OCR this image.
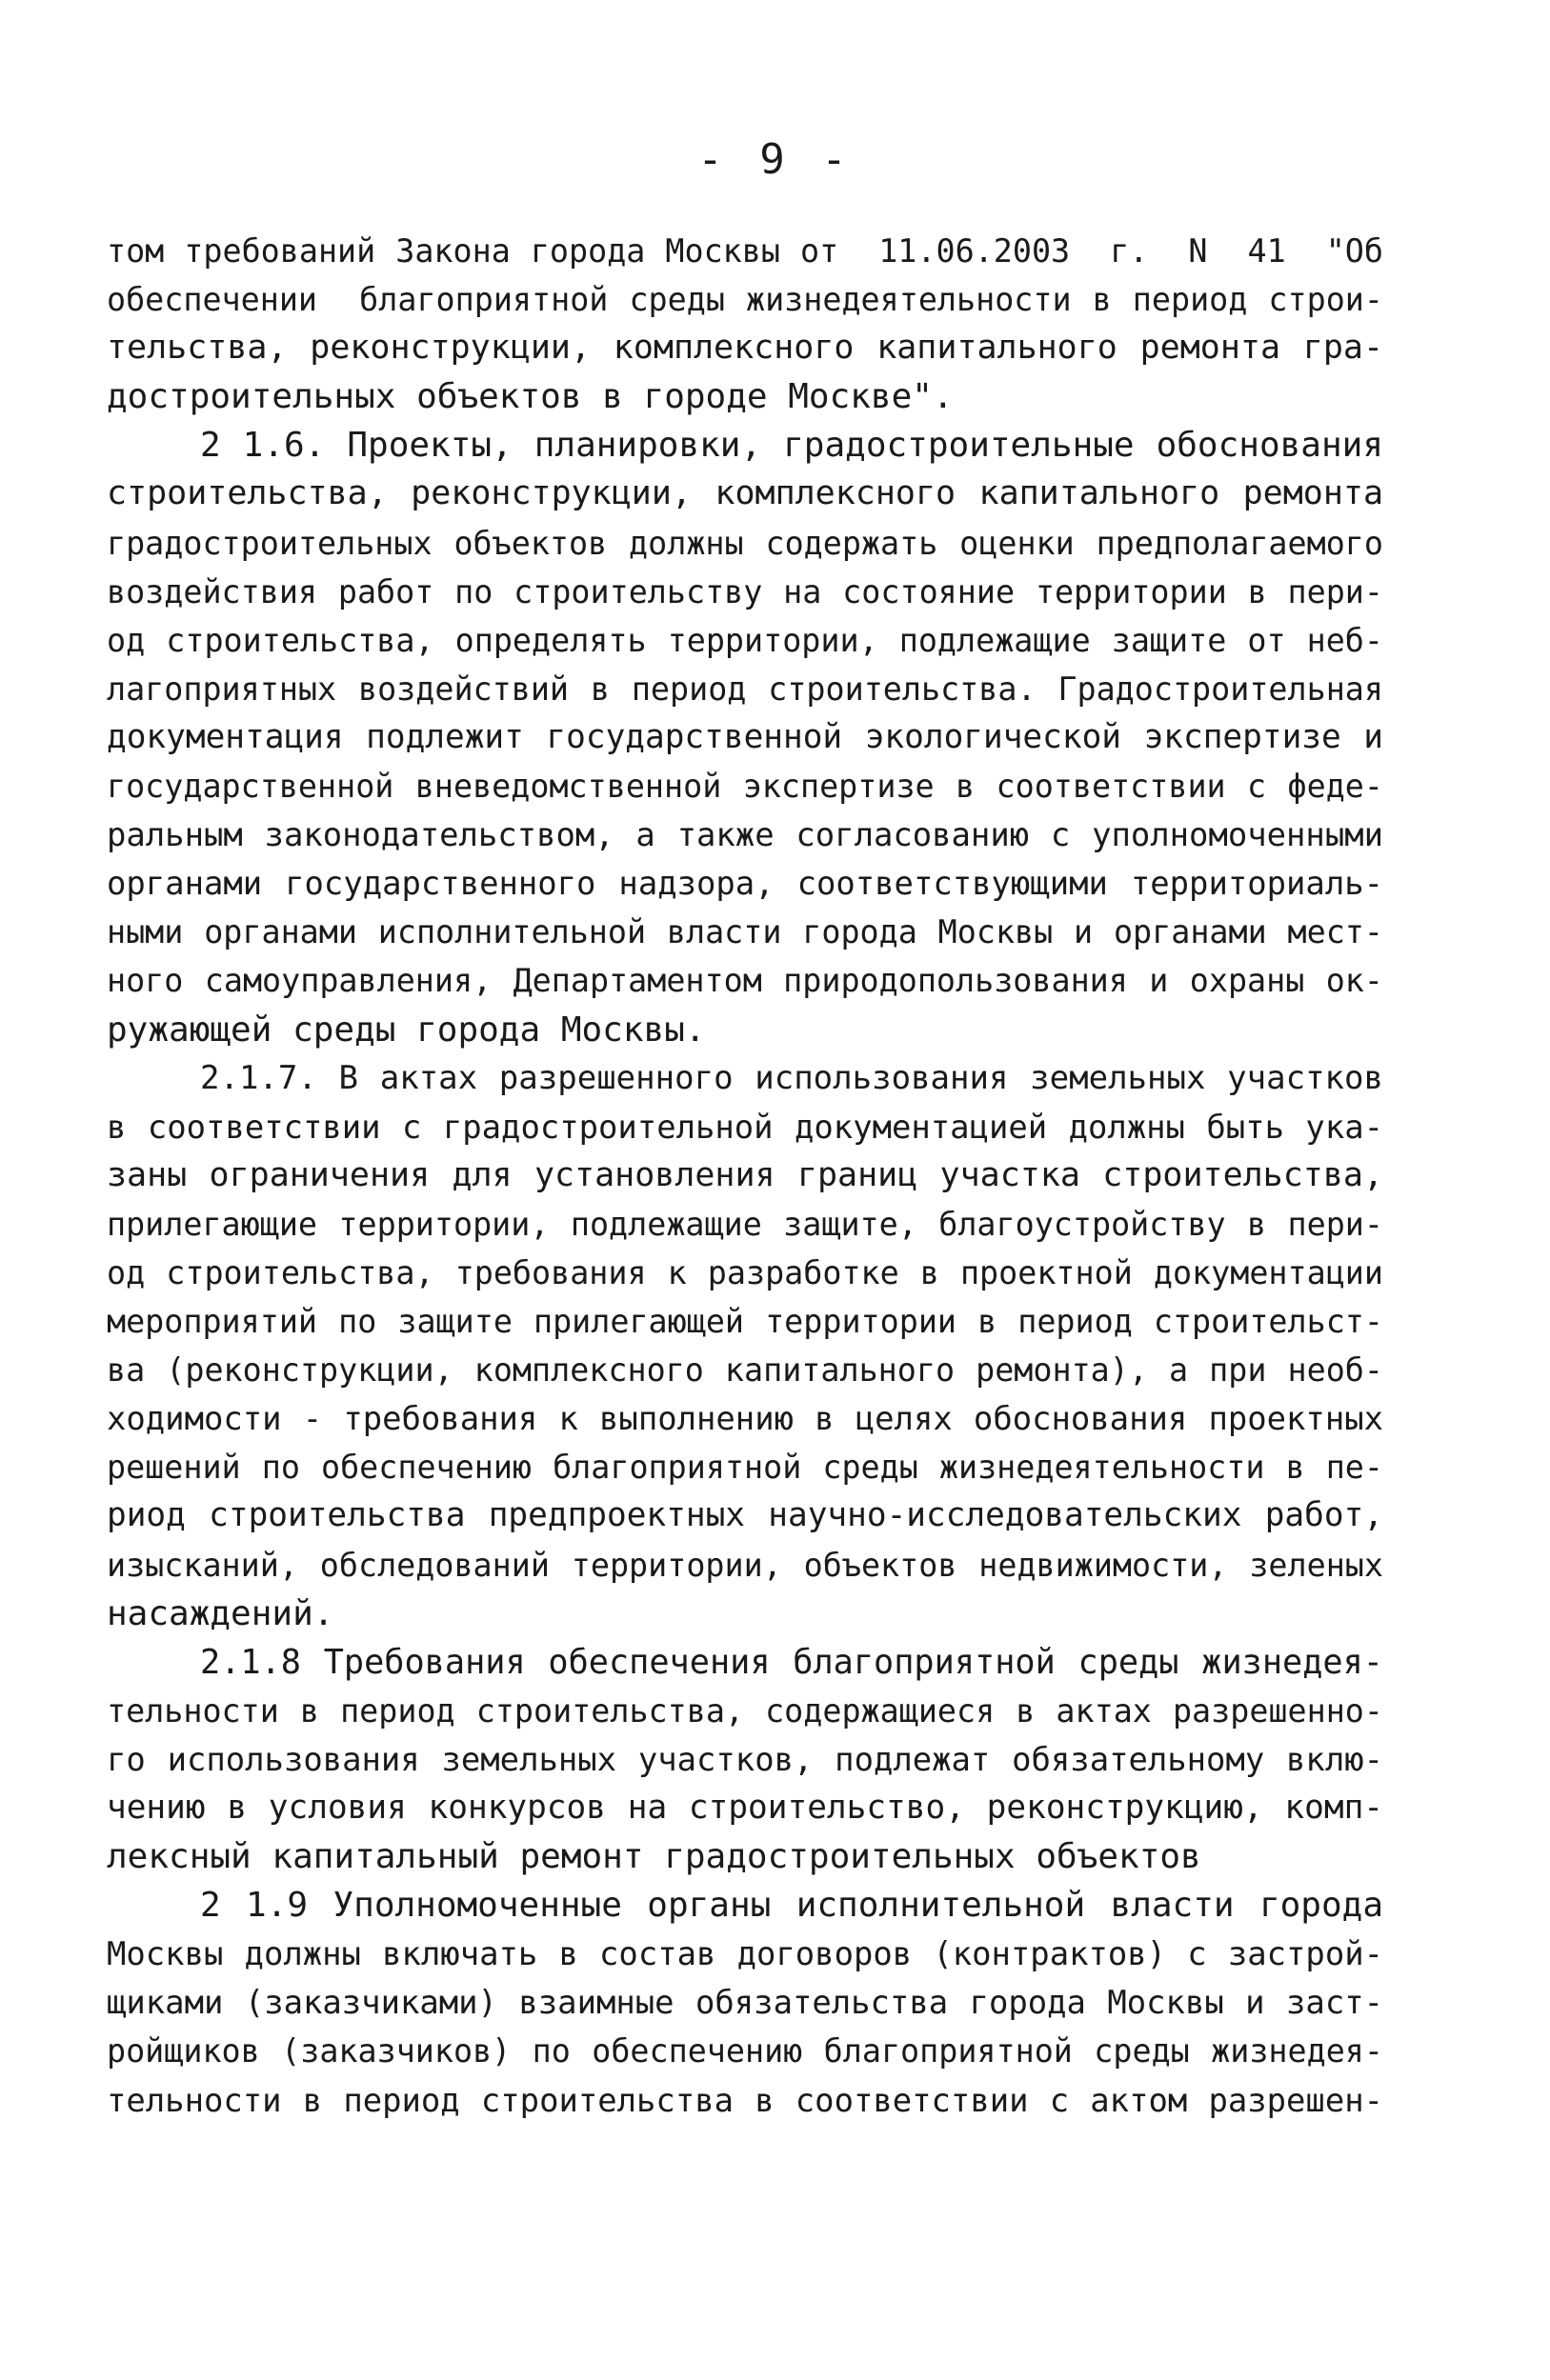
- 9 -
том требований Закона города Москвы от  11.06.2003  г.  N  41  "Об
обеспечении  благоприятной среды жизнедеятельности в период строи-
тельства, реконструкции, комплексного капитального ремонта гра-
достроительных объектов в городе Москве".
2 1.6. Проекты, планировки, градостроительные обоснования
строительства, реконструкции, комплексного капитального ремонта
градостроительных объектов должны содержать оценки предполагаемого
воздействия работ по строительству на состояние территории в пери-
од строительства, определять территории, подлежащие защите от неб-
лагоприятных воздействий в период строительства. Градостроительная
документация подлежит государственной экологической экспертизе и
государственной вневедомственной экспертизе в соответствии с феде-
ральным законодательством, а также согласованию с уполномоченными
органами государственного надзора, соответствующими территориаль-
ными органами исполнительной власти города Москвы и органами мест-
ного самоуправления, Департаментом природопользования и охраны ок-
ружающей среды города Москвы.
2.1.7. В актах разрешенного использования земельных участков
в соответствии с градостроительной документацией должны быть ука-
заны ограничения для установления границ участка строительства,
прилегающие территории, подлежащие защите, благоустройству в пери-
од строительства, требования к разработке в проектной документации
мероприятий по защите прилегающей территории в период строительст-
ва (реконструкции, комплексного капитального ремонта), а при необ-
ходимости - требования к выполнению в целях обоснования проектных
решений по обеспечению благоприятной среды жизнедеятельности в пе-
риод строительства предпроектных научно-исследовательских работ,
изысканий, обследований территории, объектов недвижимости, зеленых
насаждений.
2.1.8 Требования обеспечения благоприятной среды жизнедея-
тельности в период строительства, содержащиеся в актах разрешенно-
го использования земельных участков, подлежат обязательному вклю-
чению в условия конкурсов на строительство, реконструкцию, комп-
лексный капитальный ремонт градостроительных объектов
2 1.9 Уполномоченные органы исполнительной власти города
Москвы должны включать в состав договоров (контрактов) с застрой-
щиками (заказчиками) взаимные обязательства города Москвы и заст-
ройщиков (заказчиков) по обеспечению благоприятной среды жизнедея-
тельности в период строительства в соответствии с актом разрешен-
